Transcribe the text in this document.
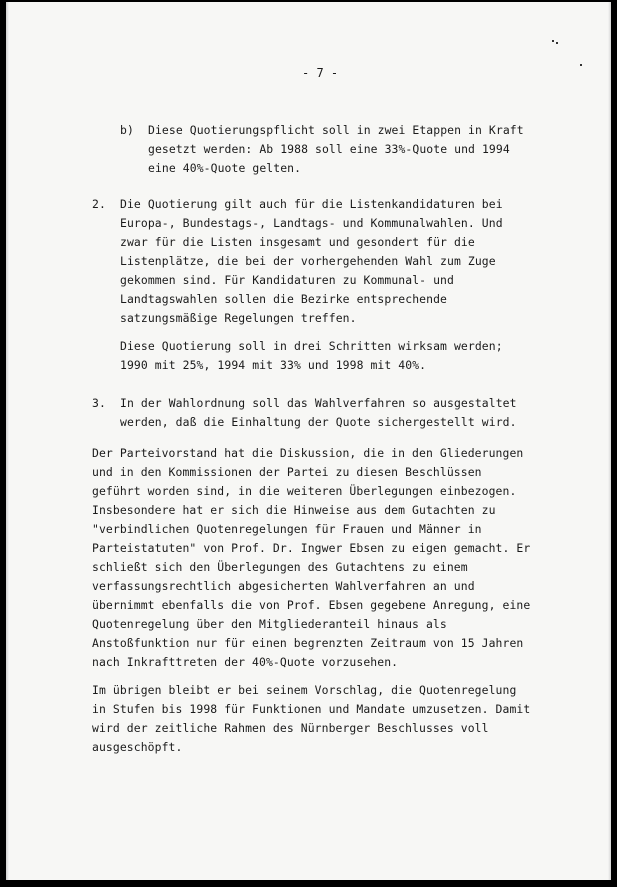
- 7 -
b) Diese Quotierungspflicht soll in zwei Etappen in Kraft
gesetzt werden: Ab 1988 soll eine 33%-Quote und 1994
eine 40%-Quote gelten.
2. Die Quotierung gilt auch für die Listenkandidaturen bei
Europa-, Bundestags-, Landtags- und Kommunalwahlen. Und
zwar für die Listen insgesamt und gesondert für die
Listenplätze, die bei der vorhergehenden Wahl zum Zuge
gekommen sind. Für Kandidaturen zu Kommunal- und
Landtagswahlen sollen die Bezirke entsprechende
satzungsmäßige Regelungen treffen.
Diese Quotierung soll in drei Schritten wirksam werden;
1990 mit 25%, 1994 mit 33% und 1998 mit 40%.
3. In der Wahlordnung soll das Wahlverfahren so ausgestaltet
werden, daß die Einhaltung der Quote sichergestellt wird.
Der Parteivorstand hat die Diskussion, die in den Gliederungen
und in den Kommissionen der Partei zu diesen Beschlüssen
geführt worden sind, in die weiteren Überlegungen einbezogen.
Insbesondere hat er sich die Hinweise aus dem Gutachten zu
"verbindlichen Quotenregelungen für Frauen und Männer in
Parteistatuten" von Prof. Dr. Ingwer Ebsen zu eigen gemacht. Er
schließt sich den Überlegungen des Gutachtens zu einem
verfassungsrechtlich abgesicherten Wahlverfahren an und
übernimmt ebenfalls die von Prof. Ebsen gegebene Anregung, eine
Quotenregelung über den Mitgliederanteil hinaus als
Anstoßfunktion nur für einen begrenzten Zeitraum von 15 Jahren
nach Inkrafttreten der 40%-Quote vorzusehen.
Im übrigen bleibt er bei seinem Vorschlag, die Quotenregelung
in Stufen bis 1998 für Funktionen und Mandate umzusetzen. Damit
wird der zeitliche Rahmen des Nürnberger Beschlusses voll
ausgeschöpft.
